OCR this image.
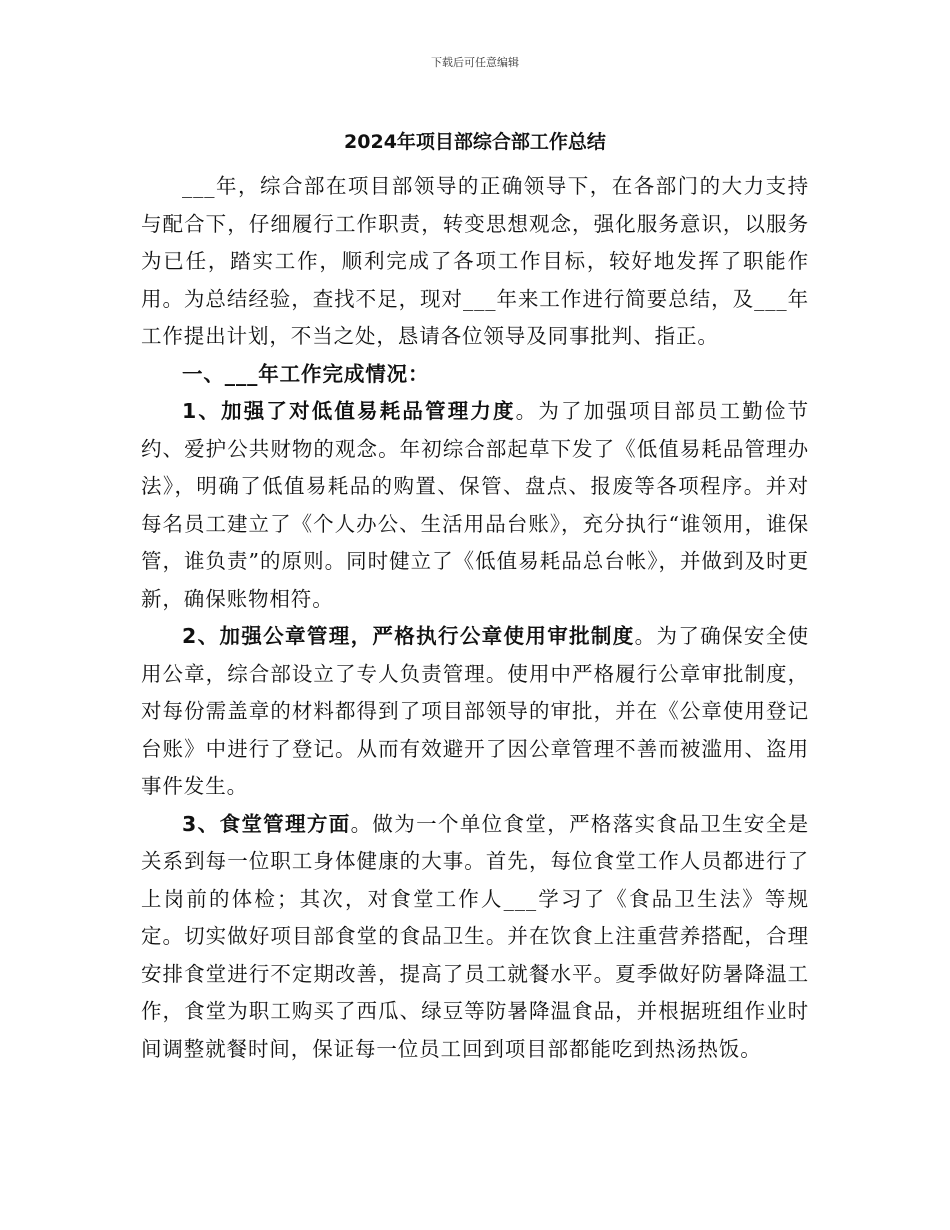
下载后可任意编辑
2024年项目部综合部工作总结

___年，综合部在项目部领导的正确领导下，在各部门的大力支持与配合下，仔细履行工作职责，转变思想观念，强化服务意识，以服务为已任，踏实工作，顺利完成了各项工作目标，较好地发挥了职能作用。为总结经验，查找不足，现对___年来工作进行简要总结，及___年工作提出计划，不当之处，恳请各位领导及同事批判、指正。

一、___年工作完成情况：

1、加强了对低值易耗品管理力度。为了加强项目部员工勤俭节约、爱护公共财物的观念。年初综合部起草下发了《低值易耗品管理办法》，明确了低值易耗品的购置、保管、盘点、报废等各项程序。并对每名员工建立了《个人办公、生活用品台账》，充分执行“谁领用，谁保管，谁负责”的原则。同时健立了《低值易耗品总台帐》，并做到及时更新，确保账物相符。

2、加强公章管理，严格执行公章使用审批制度。为了确保安全使用公章，综合部设立了专人负责管理。使用中严格履行公章审批制度，对每份需盖章的材料都得到了项目部领导的审批，并在《公章使用登记台账》中进行了登记。从而有效避开了因公章管理不善而被滥用、盗用事件发生。

3、食堂管理方面。做为一个单位食堂，严格落实食品卫生安全是关系到每一位职工身体健康的大事。首先，每位食堂工作人员都进行了上岗前的体检；其次，对食堂工作人___学习了《食品卫生法》等规定。切实做好项目部食堂的食品卫生。并在饮食上注重营养搭配，合理安排食堂进行不定期改善，提高了员工就餐水平。夏季做好防暑降温工作，食堂为职工购买了西瓜、绿豆等防暑降温食品，并根据班组作业时间调整就餐时间，保证每一位员工回到项目部都能吃到热汤热饭。
